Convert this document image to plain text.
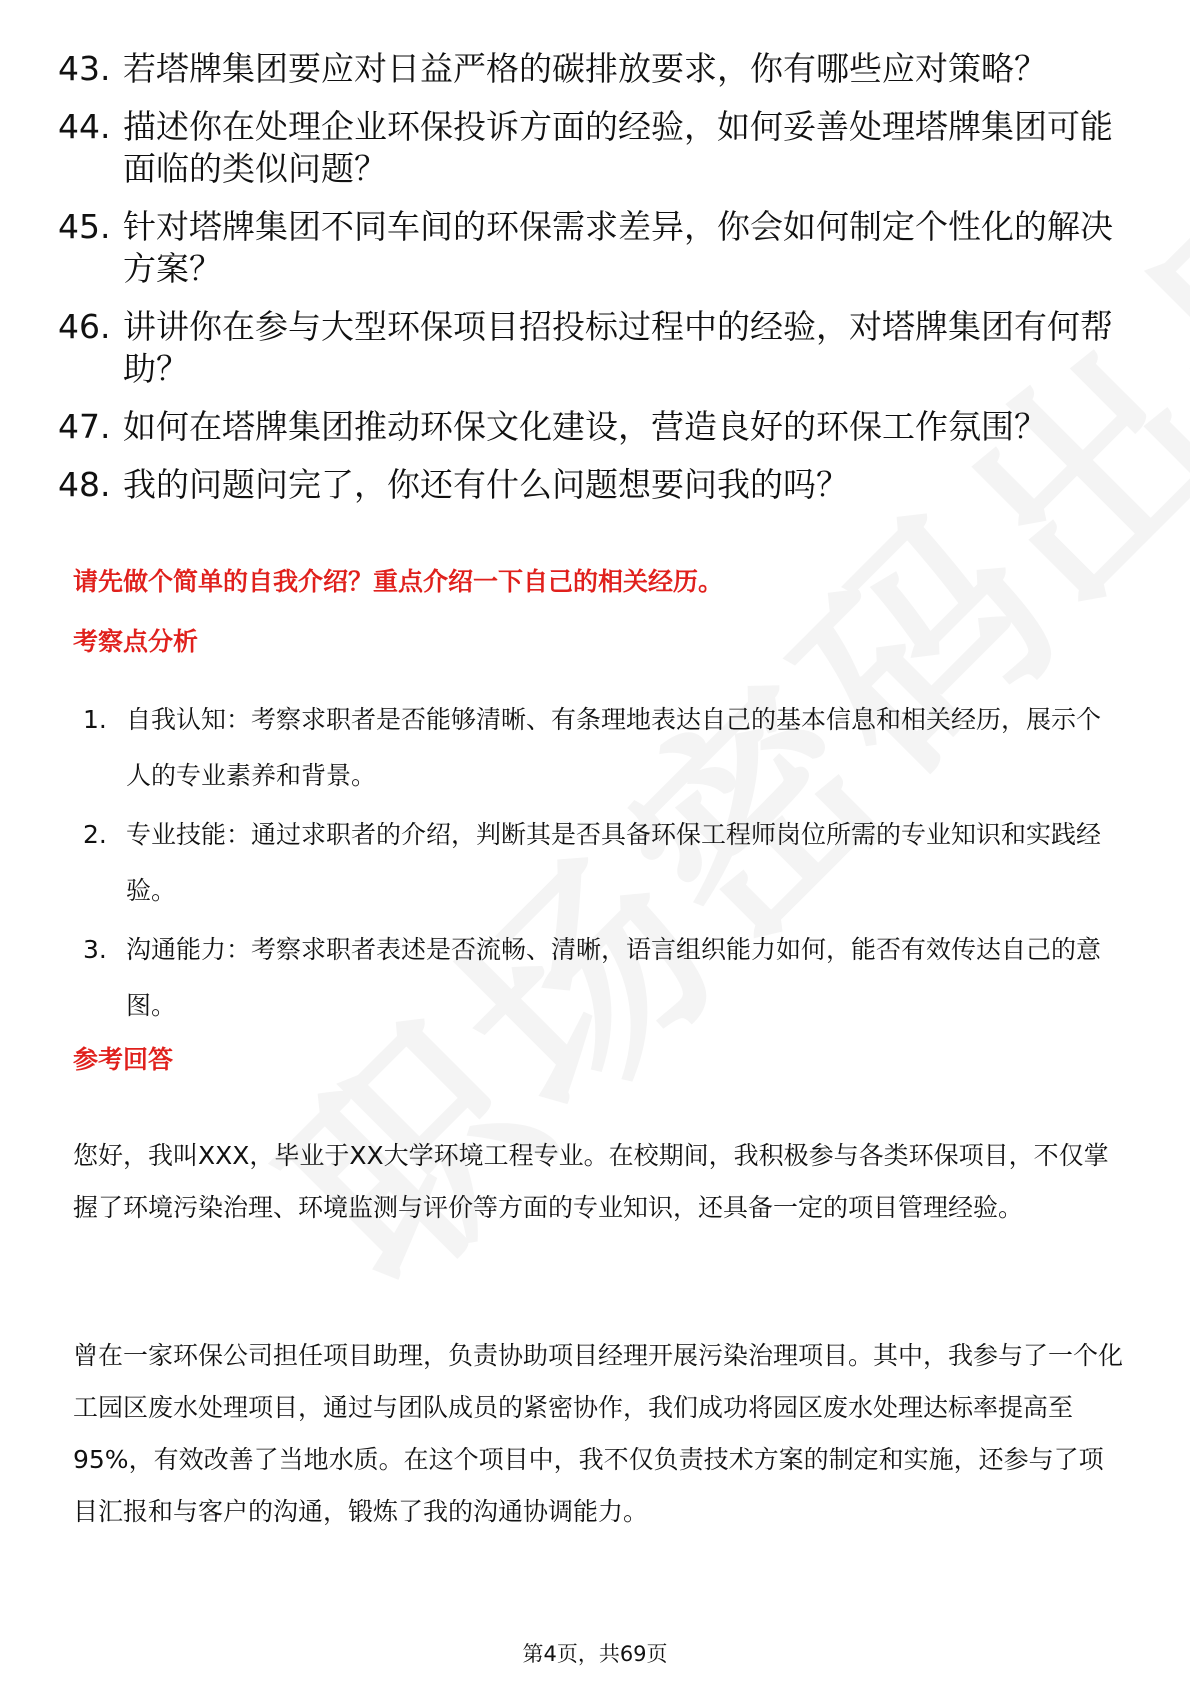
43. 若塔牌集团要应对日益严格的碳排放要求，你有哪些应对策略？
44. 描述你在处理企业环保投诉方面的经验，如何妥善处理塔牌集团可能面临的类似问题？
45. 针对塔牌集团不同车间的环保需求差异，你会如何制定个性化的解决方案？
46. 讲讲你在参与大型环保项目招投标过程中的经验，对塔牌集团有何帮助？
47. 如何在塔牌集团推动环保文化建设，营造良好的环保工作氛围？
48. 我的问题问完了，你还有什么问题想要问我的吗？
请先做个简单的自我介绍？重点介绍一下自己的相关经历。
考察点分析
1. 自我认知：考察求职者是否能够清晰、有条理地表达自己的基本信息和相关经历，展示个人的专业素养和背景。
2. 专业技能：通过求职者的介绍，判断其是否具备环保工程师岗位所需的专业知识和实践经验。
3. 沟通能力：考察求职者表述是否流畅、清晰，语言组织能力如何，能否有效传达自己的意图。
参考回答

您好，我叫XXX，毕业于XX大学环境工程专业。在校期间，我积极参与各类环保项目，不仅掌握了环境污染治理、环境监测与评价等方面的专业知识，还具备一定的项目管理经验。

曾在一家环保公司担任项目助理，负责协助项目经理开展污染治理项目。其中，我参与了一个化工园区废水处理项目，通过与团队成员的紧密协作，我们成功将园区废水处理达标率提高至95%，有效改善了当地水质。在这个项目中，我不仅负责技术方案的制定和实施，还参与了项目汇报和与客户的沟通，锻炼了我的沟通协调能力。

第4页，共69页
